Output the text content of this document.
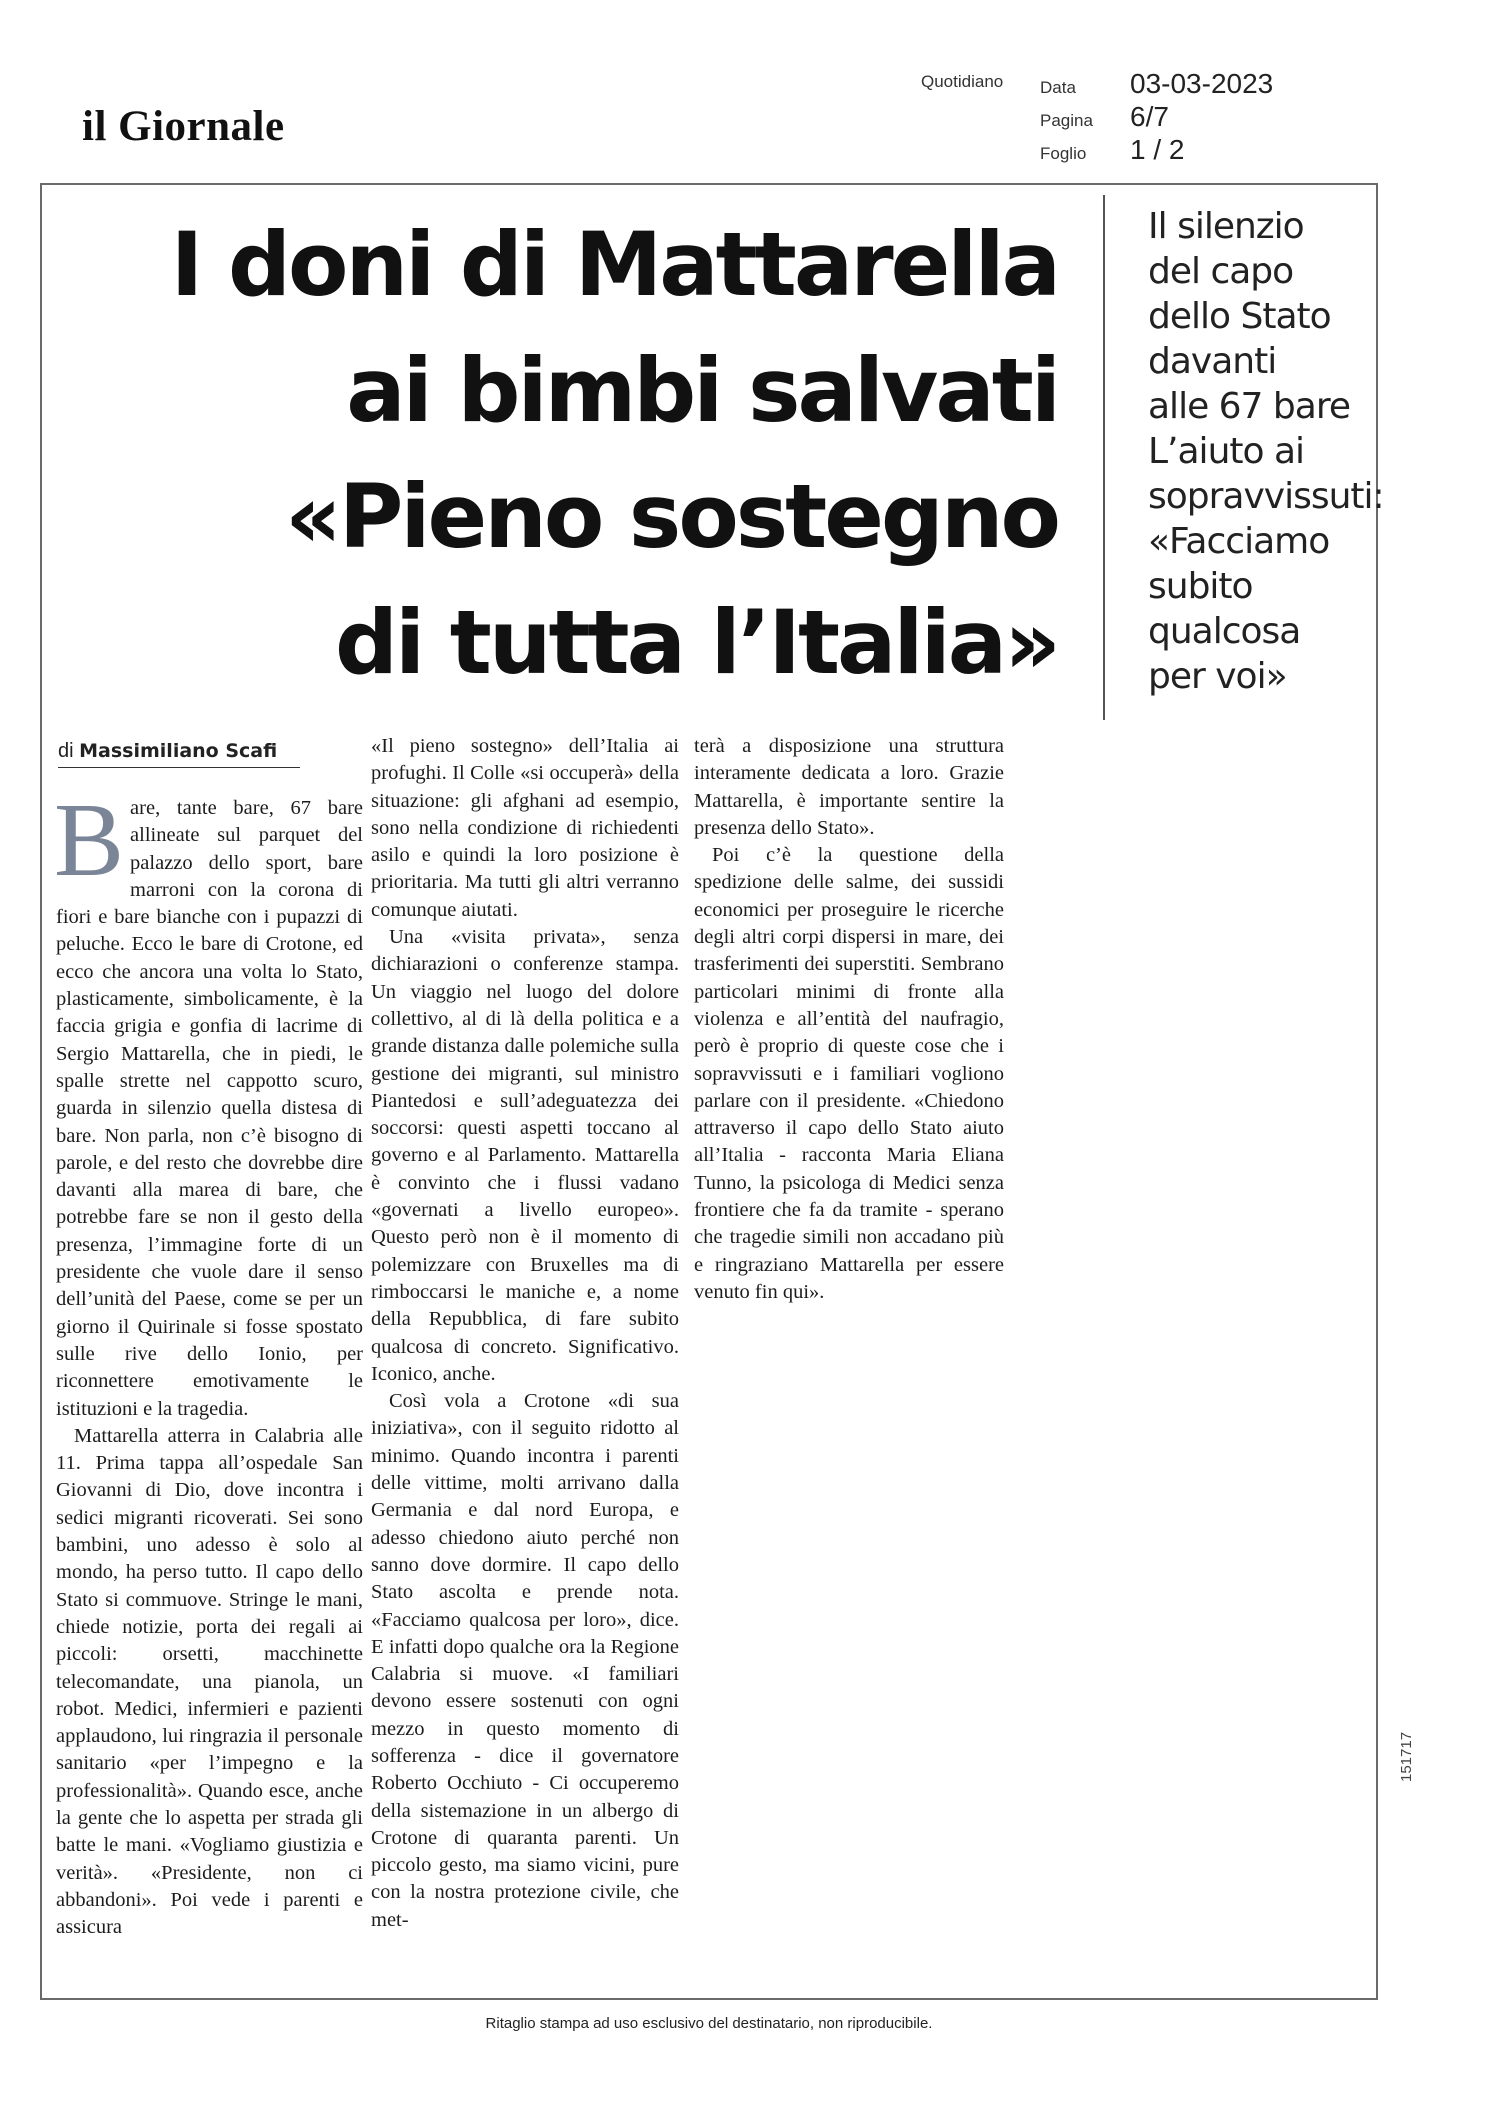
il Giornale
Quotidiano Data 03-03-2023
Pagina 6/7
Foglio 1 / 2
I doni di Mattarella
ai bimbi salvati
«Pieno sostegno
di tutta l’Italia»
Il silenzio
del capo
dello Stato
davanti
alle 67 bare
L’aiuto ai
sopravvissuti:
«Facciamo
subito
qualcosa
per voi»
di Massimiliano Scafi

Bare, tante bare, 67 bare allineate sul parquet del palazzo dello sport, bare marroni con la corona di fiori e bare bianche con i pupazzi di peluche. Ecco le bare di Crotone, ed ecco che ancora una volta lo Stato, plasticamente, simbolicamente, è la faccia grigia e gonfia di lacrime di Sergio Mattarella, che in piedi, le spalle strette nel cappotto scuro, guarda in silenzio quella distesa di bare. Non parla, non c’è bisogno di parole, e del resto che dovrebbe dire davanti alla marea di bare, che potrebbe fare se non il gesto della presenza, l’immagine forte di un presidente che vuole dare il senso dell’unità del Paese, come se per un giorno il Quirinale si fosse spostato sulle rive dello Ionio, per riconnettere emotivamente le istituzioni e la tragedia.

Mattarella atterra in Calabria alle 11. Prima tappa all’ospedale San Giovanni di Dio, dove incontra i sedici migranti ricoverati. Sei sono bambini, uno adesso è solo al mondo, ha perso tutto. Il capo dello Stato si commuove. Stringe le mani, chiede notizie, porta dei regali ai piccoli: orsetti, macchinette telecomandate, una pianola, un robot. Medici, infermieri e pazienti applaudono, lui ringrazia il personale sanitario «per l’impegno e la professionalità». Quando esce, anche la gente che lo aspetta per strada gli batte le mani. «Vogliamo giustizia e verità». «Presidente, non ci abbandoni». Poi vede i parenti e assicura

«Il pieno sostegno» dell’Italia ai profughi. Il Colle «si occuperà» della situazione: gli afghani ad esempio, sono nella condizione di richiedenti asilo e quindi la loro posizione è prioritaria. Ma tutti gli altri verranno comunque aiutati.

Una «visita privata», senza dichiarazioni o conferenze stampa. Un viaggio nel luogo del dolore collettivo, al di là della politica e a grande distanza dalle polemiche sulla gestione dei migranti, sul ministro Piantedosi e sull’adeguatezza dei soccorsi: questi aspetti toccano al governo e al Parlamento. Mattarella è convinto che i flussi vadano «governati a livello europeo». Questo però non è il momento di polemizzare con Bruxelles ma di rimboccarsi le maniche e, a nome della Repubblica, di fare subito qualcosa di concreto. Significativo. Iconico, anche.

Così vola a Crotone «di sua iniziativa», con il seguito ridotto al minimo. Quando incontra i parenti delle vittime, molti arrivano dalla Germania e dal nord Europa, e adesso chiedono aiuto perché non sanno dove dormire. Il capo dello Stato ascolta e prende nota. «Facciamo qualcosa per loro», dice. E infatti dopo qualche ora la Regione Calabria si muove. «I familiari devono essere sostenuti con ogni mezzo in questo momento di sofferenza - dice il governatore Roberto Occhiuto - Ci occuperemo della sistemazione in un albergo di Crotone di quaranta parenti. Un piccolo gesto, ma siamo vicini, pure con la nostra protezione civile, che met-

terà a disposizione una struttura interamente dedicata a loro. Grazie Mattarella, è importante sentire la presenza dello Stato».

Poi c’è la questione della spedizione delle salme, dei sussidi economici per proseguire le ricerche degli altri corpi dispersi in mare, dei trasferimenti dei superstiti. Sembrano particolari minimi di fronte alla violenza e all’entità del naufragio, però è proprio di queste cose che i sopravvissuti e i familiari vogliono parlare con il presidente. «Chiedono attraverso il capo dello Stato aiuto all’Italia - racconta Maria Eliana Tunno, la psicologa di Medici senza frontiere che fa da tramite - sperano che tragedie simili non accadano più e ringraziano Mattarella per essere venuto fin qui».

151717
Ritaglio stampa ad uso esclusivo del destinatario, non riproducibile.
